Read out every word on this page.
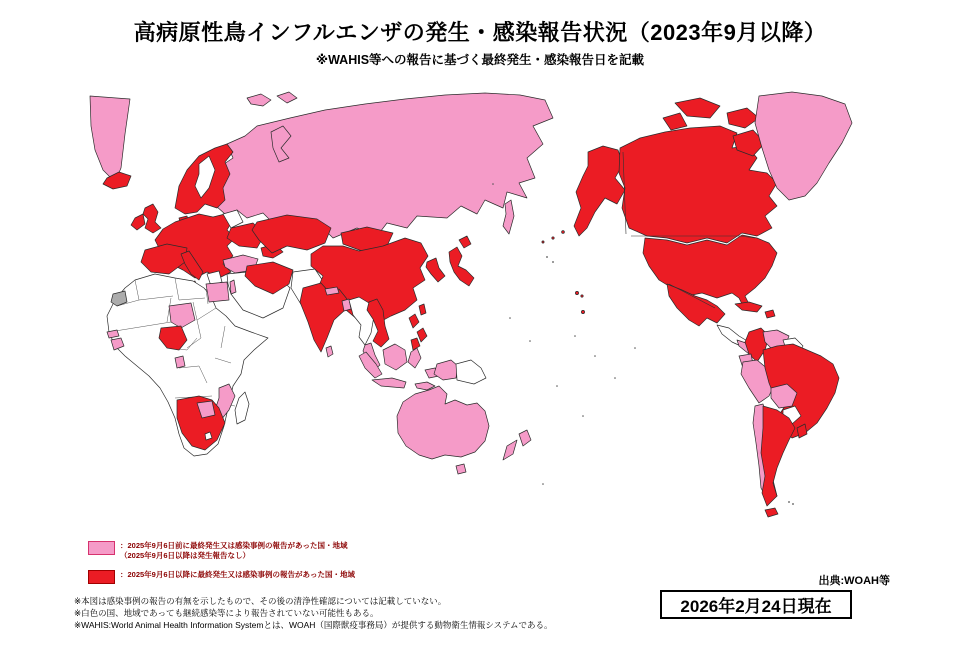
高病原性鳥インフルエンザの発生・感染報告状況（2023年9月以降）
※WAHIS等への報告に基づく最終発生・感染報告日を記載
：2025年9月6日前に最終発生又は感染事例の報告があった国・地域
（2025年9月6日以降は発生報告なし）
：2025年9月6日以降に最終発生又は感染事例の報告があった国・地域
出典:WOAH等
2026年2月24日現在
※本図は感染事例の報告の有無を示したもので、その後の清浄性確認については記載していない。
※白色の国、地域であっても継続感染等により報告されていない可能性もある。
※WAHIS:World Animal Health Information Systemとは、WOAH（国際獣疫事務局）が提供する動物衛生情報システムである。
